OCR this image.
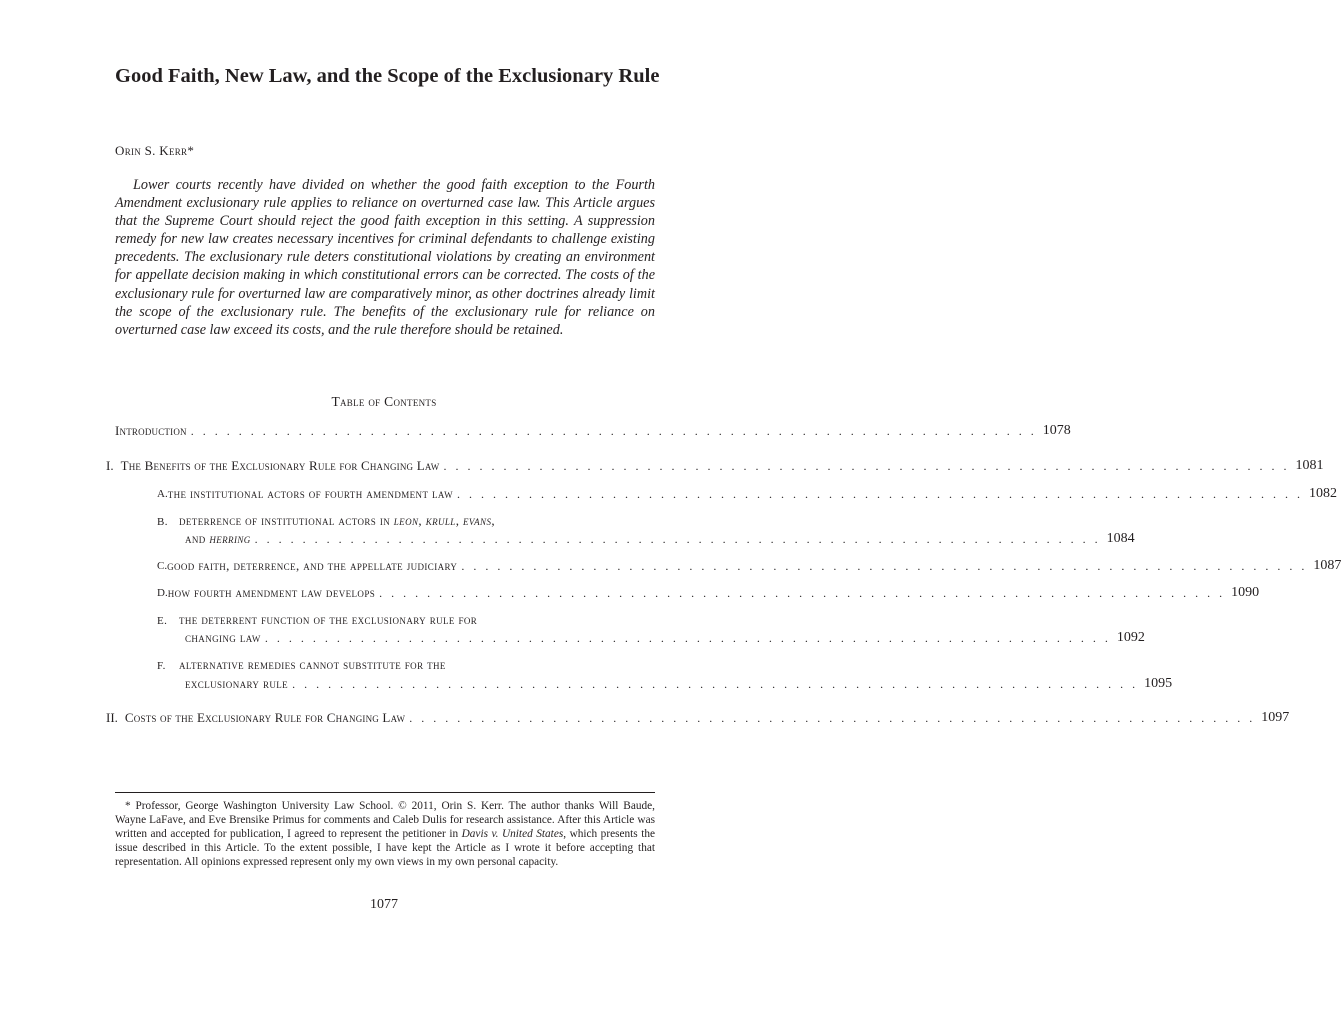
Good Faith, New Law, and the Scope of the Exclusionary Rule
Orin S. Kerr*

Lower courts recently have divided on whether the good faith exception to the Fourth Amendment exclusionary rule applies to reliance on overturned case law. This Article argues that the Supreme Court should reject the good faith exception in this setting. A suppression remedy for new law creates necessary incentives for criminal defendants to challenge existing precedents. The exclusionary rule deters constitutional violations by creating an environment for appellate decision making in which constitutional errors can be corrected. The costs of the exclusionary rule for overturned law are comparatively minor, as other doctrines already limit the scope of the exclusionary rule. The benefits of the exclusionary rule for reliance on overturned case law exceed its costs, and the rule therefore should be retained.

Table of Contents
Introduction . . . . . . . . . . . . . . . . . . . . . . . . . . . . . . . . . . . . . . . . . . . . . . . . . . . . . . . . . . . . . . . . . . . . . . . 1078
I. The Benefits of the Exclusionary Rule for Changing Law . . . . . . . . . . . . . . . . . . . . . . . . . . . . . . . . . . . . . . . . . . . . . . . . . . . . . . . . . . . . . . . . . . . . . . . 1081
A. the institutional actors of fourth amendment law . . . . . . . . . . . . . . . . . . . . . . . . . . . . . . . . . . . . . . . . . . . . . . . . . . . . . . . . . . . . . . . . . . . . . . . 1082
B. deterrence of institutional actors in leon, krull, evans,
and herring . . . . . . . . . . . . . . . . . . . . . . . . . . . . . . . . . . . . . . . . . . . . . . . . . . . . . . . . . . . . . . . . . . . . . . . 1084
C. good faith, deterrence, and the appellate judiciary . . . . . . . . . . . . . . . . . . . . . . . . . . . . . . . . . . . . . . . . . . . . . . . . . . . . . . . . . . . . . . . . . . . . . . . 1087
D. how fourth amendment law develops . . . . . . . . . . . . . . . . . . . . . . . . . . . . . . . . . . . . . . . . . . . . . . . . . . . . . . . . . . . . . . . . . . . . . . . 1090
E. the deterrent function of the exclusionary rule for
changing law . . . . . . . . . . . . . . . . . . . . . . . . . . . . . . . . . . . . . . . . . . . . . . . . . . . . . . . . . . . . . . . . . . . . . . . 1092
F. alternative remedies cannot substitute for the
exclusionary rule . . . . . . . . . . . . . . . . . . . . . . . . . . . . . . . . . . . . . . . . . . . . . . . . . . . . . . . . . . . . . . . . . . . . . . . 1095
II. Costs of the Exclusionary Rule for Changing Law . . . . . . . . . . . . . . . . . . . . . . . . . . . . . . . . . . . . . . . . . . . . . . . . . . . . . . . . . . . . . . . . . . . . . . . 1097

* Professor, George Washington University Law School. © 2011, Orin S. Kerr. The author thanks Will Baude, Wayne LaFave, and Eve Brensike Primus for comments and Caleb Dulis for research assistance. After this Article was written and accepted for publication, I agreed to represent the petitioner in Davis v. United States, which presents the issue described in this Article. To the extent possible, I have kept the Article as I wrote it before accepting that representation. All opinions expressed represent only my own views in my own personal capacity.

1077
